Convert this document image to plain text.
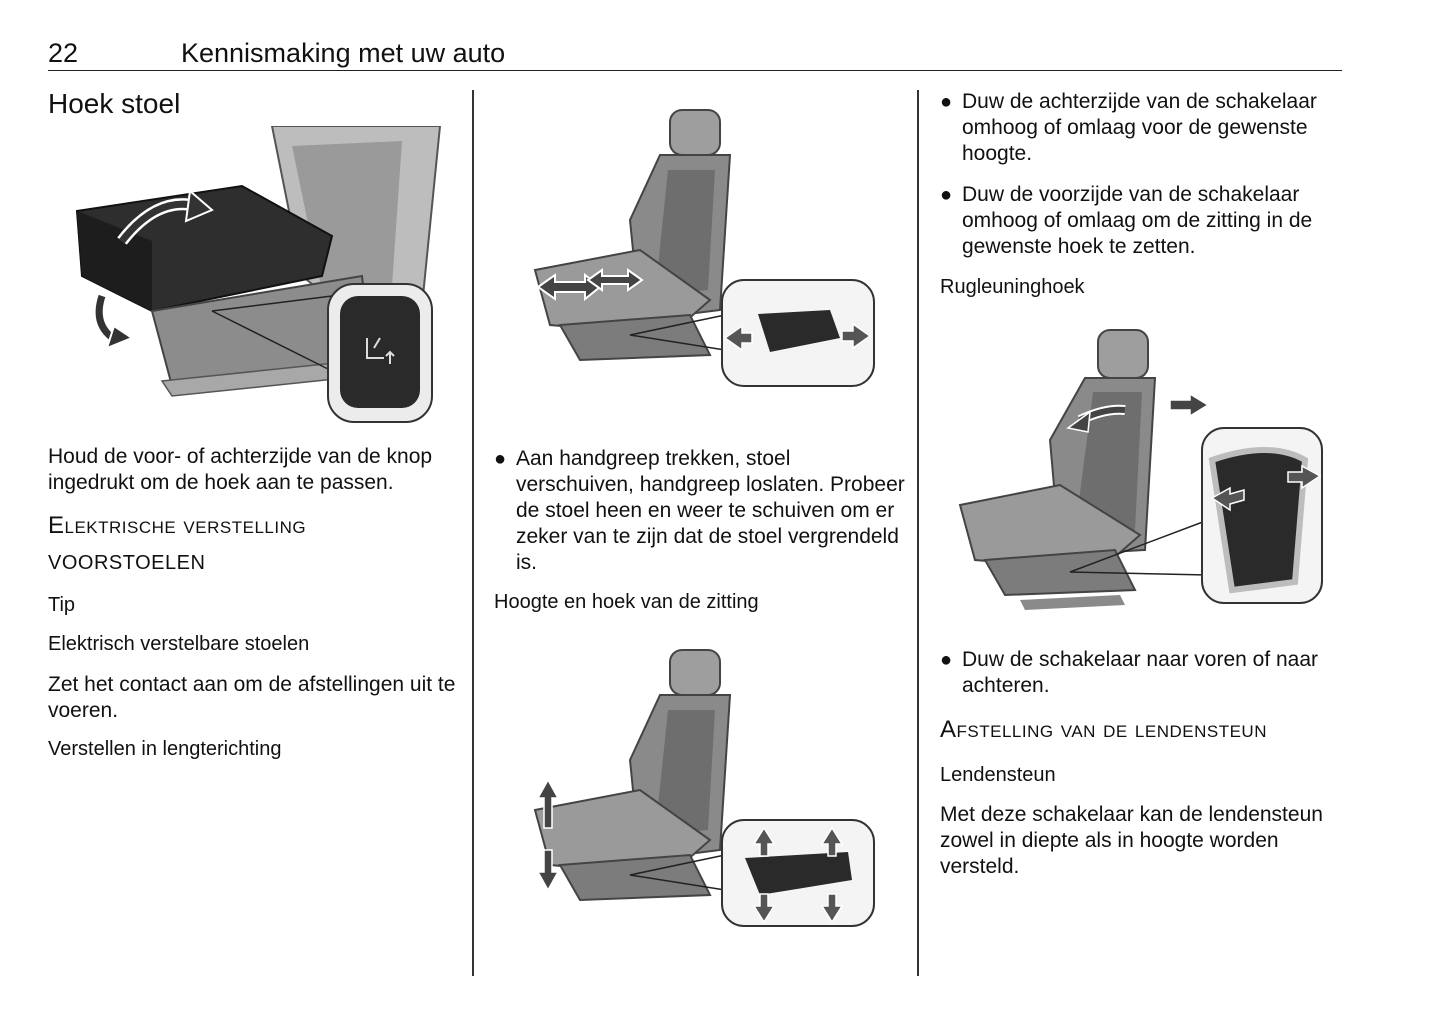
22	Kennismaking met uw auto
Hoek stoel

Houd de voor- of achterzijde van de knop ingedrukt om de hoek aan te passen.

Elektrische verstelling

VOORSTOELEN

Tip

Elektrisch verstelbare stoelen

Zet het contact aan om de afstellingen uit te voeren.

Verstellen in lengterichting

● Aan handgreep trekken, stoel verschuiven, handgreep loslaten. Probeer de stoel heen en weer te schuiven om er zeker van te zijn dat de stoel vergrendeld is.

Hoogte en hoek van de zitting

● Duw de achterzijde van de schakelaar omhoog of omlaag voor de gewenste hoogte.
● Duw de voorzijde van de schakelaar omhoog of omlaag om de zitting in de gewenste hoek te zetten.

Rugleuninghoek

● Duw de schakelaar naar voren of naar achteren.

Afstelling van de lendensteun

Lendensteun

Met deze schakelaar kan de lendensteun zowel in diepte als in hoogte worden versteld.
